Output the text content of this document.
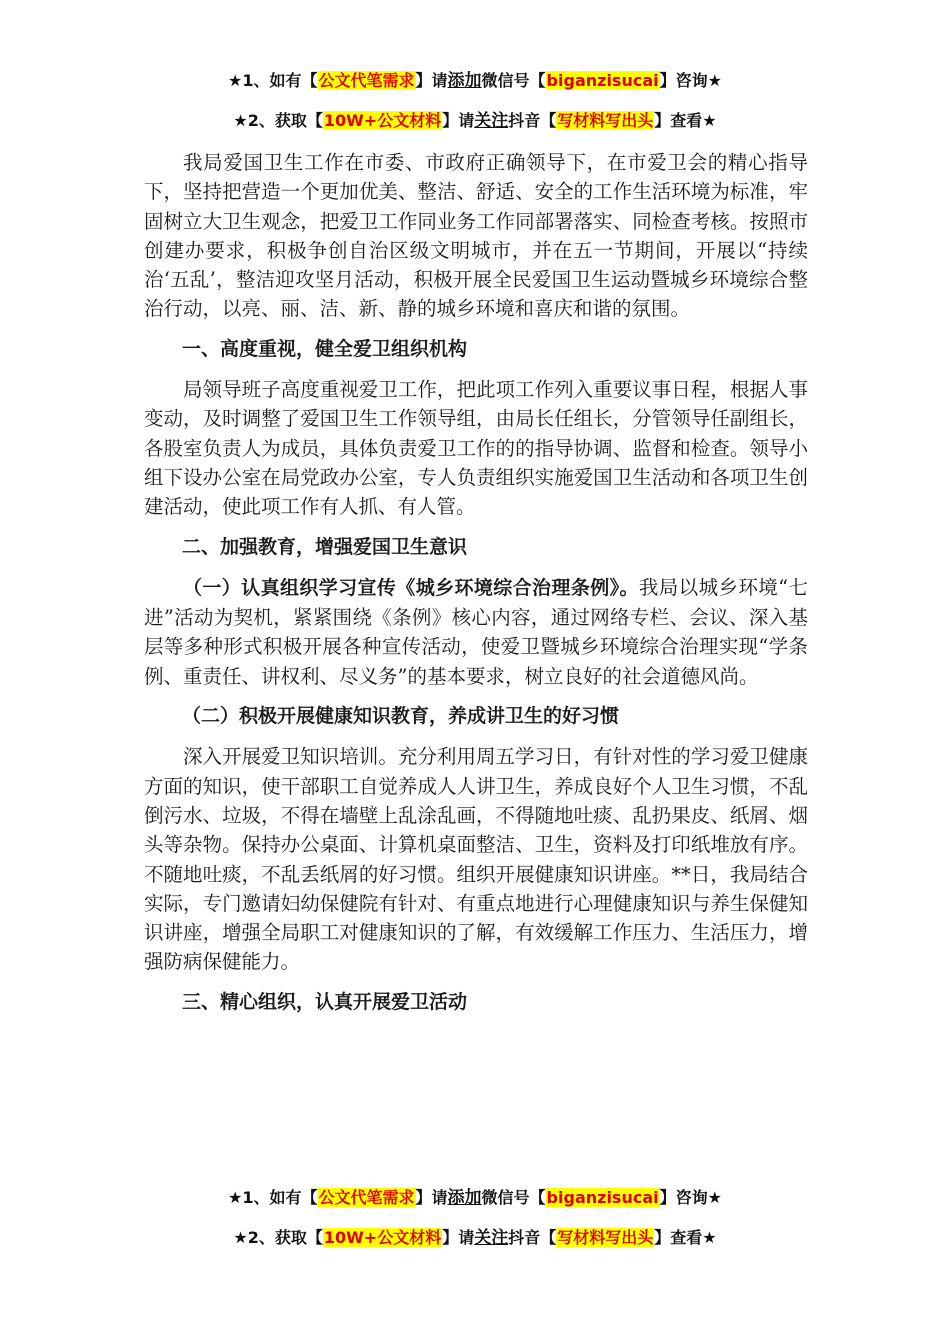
★1、如有【公文代笔需求】请添加微信号【biganzisucai】咨询★
★2、获取【10W+公文材料】请关注抖音【写材料写出头】查看★

我局爱国卫生工作在市委、市政府正确领导下，在市爱卫会的精心指导下，坚持把营造一个更加优美、整洁、舒适、安全的工作生活环境为标准，牢固树立大卫生观念，把爱卫工作同业务工作同部署落实、同检查考核。按照市创建办要求，积极争创自治区级文明城市，并在五一节期间，开展以“持续治‘五乱’，整洁迎攻坚月活动，积极开展全民爱国卫生运动暨城乡环境综合整治行动，以亮、丽、洁、新、静的城乡环境和喜庆和谐的氛围。

一、高度重视，健全爱卫组织机构

局领导班子高度重视爱卫工作，把此项工作列入重要议事日程，根据人事变动，及时调整了爱国卫生工作领导组，由局长任组长，分管领导任副组长，各股室负责人为成员，具体负责爱卫工作的的指导协调、监督和检查。领导小组下设办公室在局党政办公室，专人负责组织实施爱国卫生活动和各项卫生创建活动，使此项工作有人抓、有人管。

二、加强教育，增强爱国卫生意识

（一）认真组织学习宣传《城乡环境综合治理条例》。我局以城乡环境“七进”活动为契机，紧紧围绕《条例》核心内容，通过网络专栏、会议、深入基层等多种形式积极开展各种宣传活动，使爱卫暨城乡环境综合治理实现“学条例、重责任、讲权利、尽义务”的基本要求，树立良好的社会道德风尚。

（二）积极开展健康知识教育，养成讲卫生的好习惯

深入开展爱卫知识培训。充分利用周五学习日，有针对性的学习爱卫健康方面的知识，使干部职工自觉养成人人讲卫生，养成良好个人卫生习惯，不乱倒污水、垃圾，不得在墙壁上乱涂乱画，不得随地吐痰、乱扔果皮、纸屑、烟头等杂物。保持办公桌面、计算机桌面整洁、卫生，资料及打印纸堆放有序。不随地吐痰，不乱丢纸屑的好习惯。组织开展健康知识讲座。**日，我局结合实际，专门邀请妇幼保健院有针对、有重点地进行心理健康知识与养生保健知识讲座，增强全局职工对健康知识的了解，有效缓解工作压力、生活压力，增强防病保健能力。

三、精心组织，认真开展爱卫活动

★1、如有【公文代笔需求】请添加微信号【biganzisucai】咨询★
★2、获取【10W+公文材料】请关注抖音【写材料写出头】查看★
